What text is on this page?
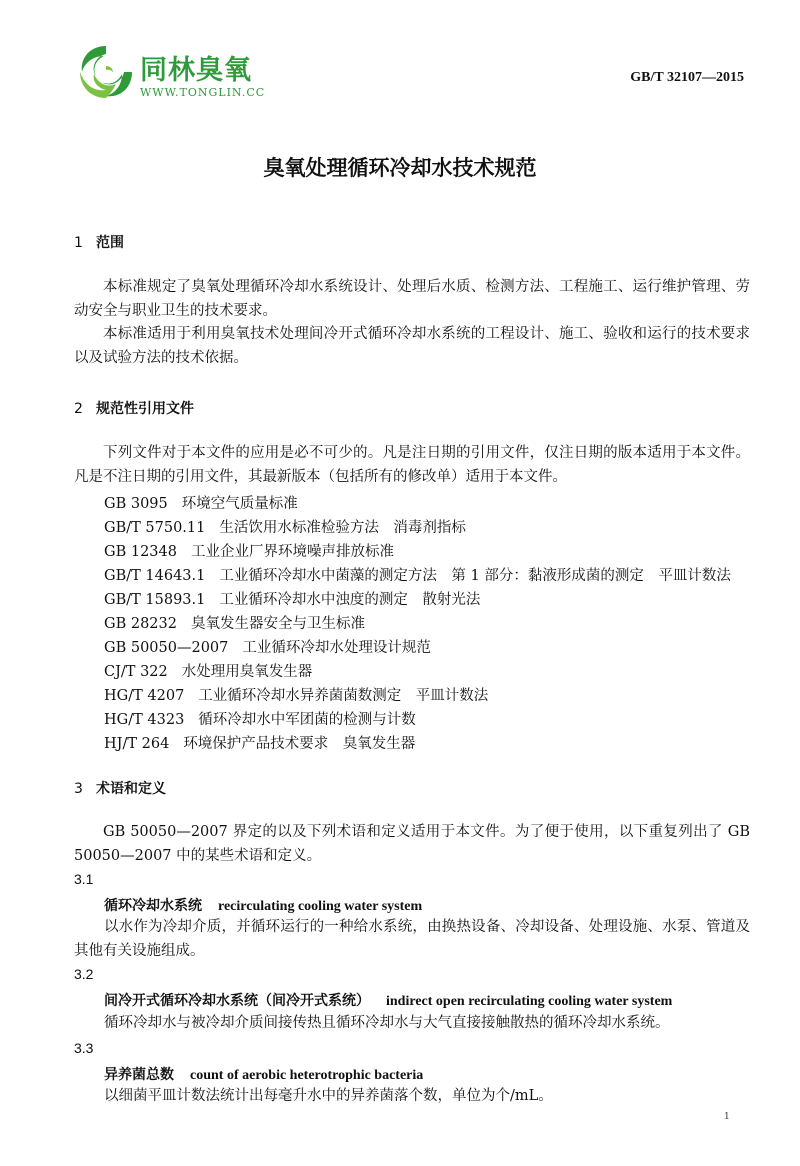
同林臭氧
WWW.TONGLIN.CC
GB/T 32107—2015
臭氧处理循环冷却水技术规范
1 范围
本标准规定了臭氧处理循环冷却水系统设计、处理后水质、检测方法、工程施工、运行维护管理、劳动安全与职业卫生的技术要求。
本标准适用于利用臭氧技术处理间冷开式循环冷却水系统的工程设计、施工、验收和运行的技术要求以及试验方法的技术依据。
2 规范性引用文件
下列文件对于本文件的应用是必不可少的。凡是注日期的引用文件，仅注日期的版本适用于本文件。凡是不注日期的引用文件，其最新版本（包括所有的修改单）适用于本文件。
GB 3095 环境空气质量标准
GB/T 5750.11 生活饮用水标准检验方法　消毒剂指标
GB 12348 工业企业厂界环境噪声排放标准
GB/T 14643.1 工业循环冷却水中菌藻的测定方法　第 1 部分：黏液形成菌的测定　平皿计数法
GB/T 15893.1 工业循环冷却水中浊度的测定　散射光法
GB 28232 臭氧发生器安全与卫生标准
GB 50050—2007 工业循环冷却水处理设计规范
CJ/T 322 水处理用臭氧发生器
HG/T 4207 工业循环冷却水异养菌菌数测定　平皿计数法
HG/T 4323 循环冷却水中军团菌的检测与计数
HJ/T 264 环境保护产品技术要求　臭氧发生器
3 术语和定义
GB 50050—2007 界定的以及下列术语和定义适用于本文件。为了便于使用，以下重复列出了 GB 50050—2007 中的某些术语和定义。
3.1
循环冷却水系统 recirculating cooling water system
以水作为冷却介质，并循环运行的一种给水系统，由换热设备、冷却设备、处理设施、水泵、管道及其他有关设施组成。
3.2
间冷开式循环冷却水系统（间冷开式系统） indirect open recirculating cooling water system
循环冷却水与被冷却介质间接传热且循环冷却水与大气直接接触散热的循环冷却水系统。
3.3
异养菌总数 count of aerobic heterotrophic bacteria
以细菌平皿计数法统计出每毫升水中的异养菌落个数，单位为个/mL。
1
